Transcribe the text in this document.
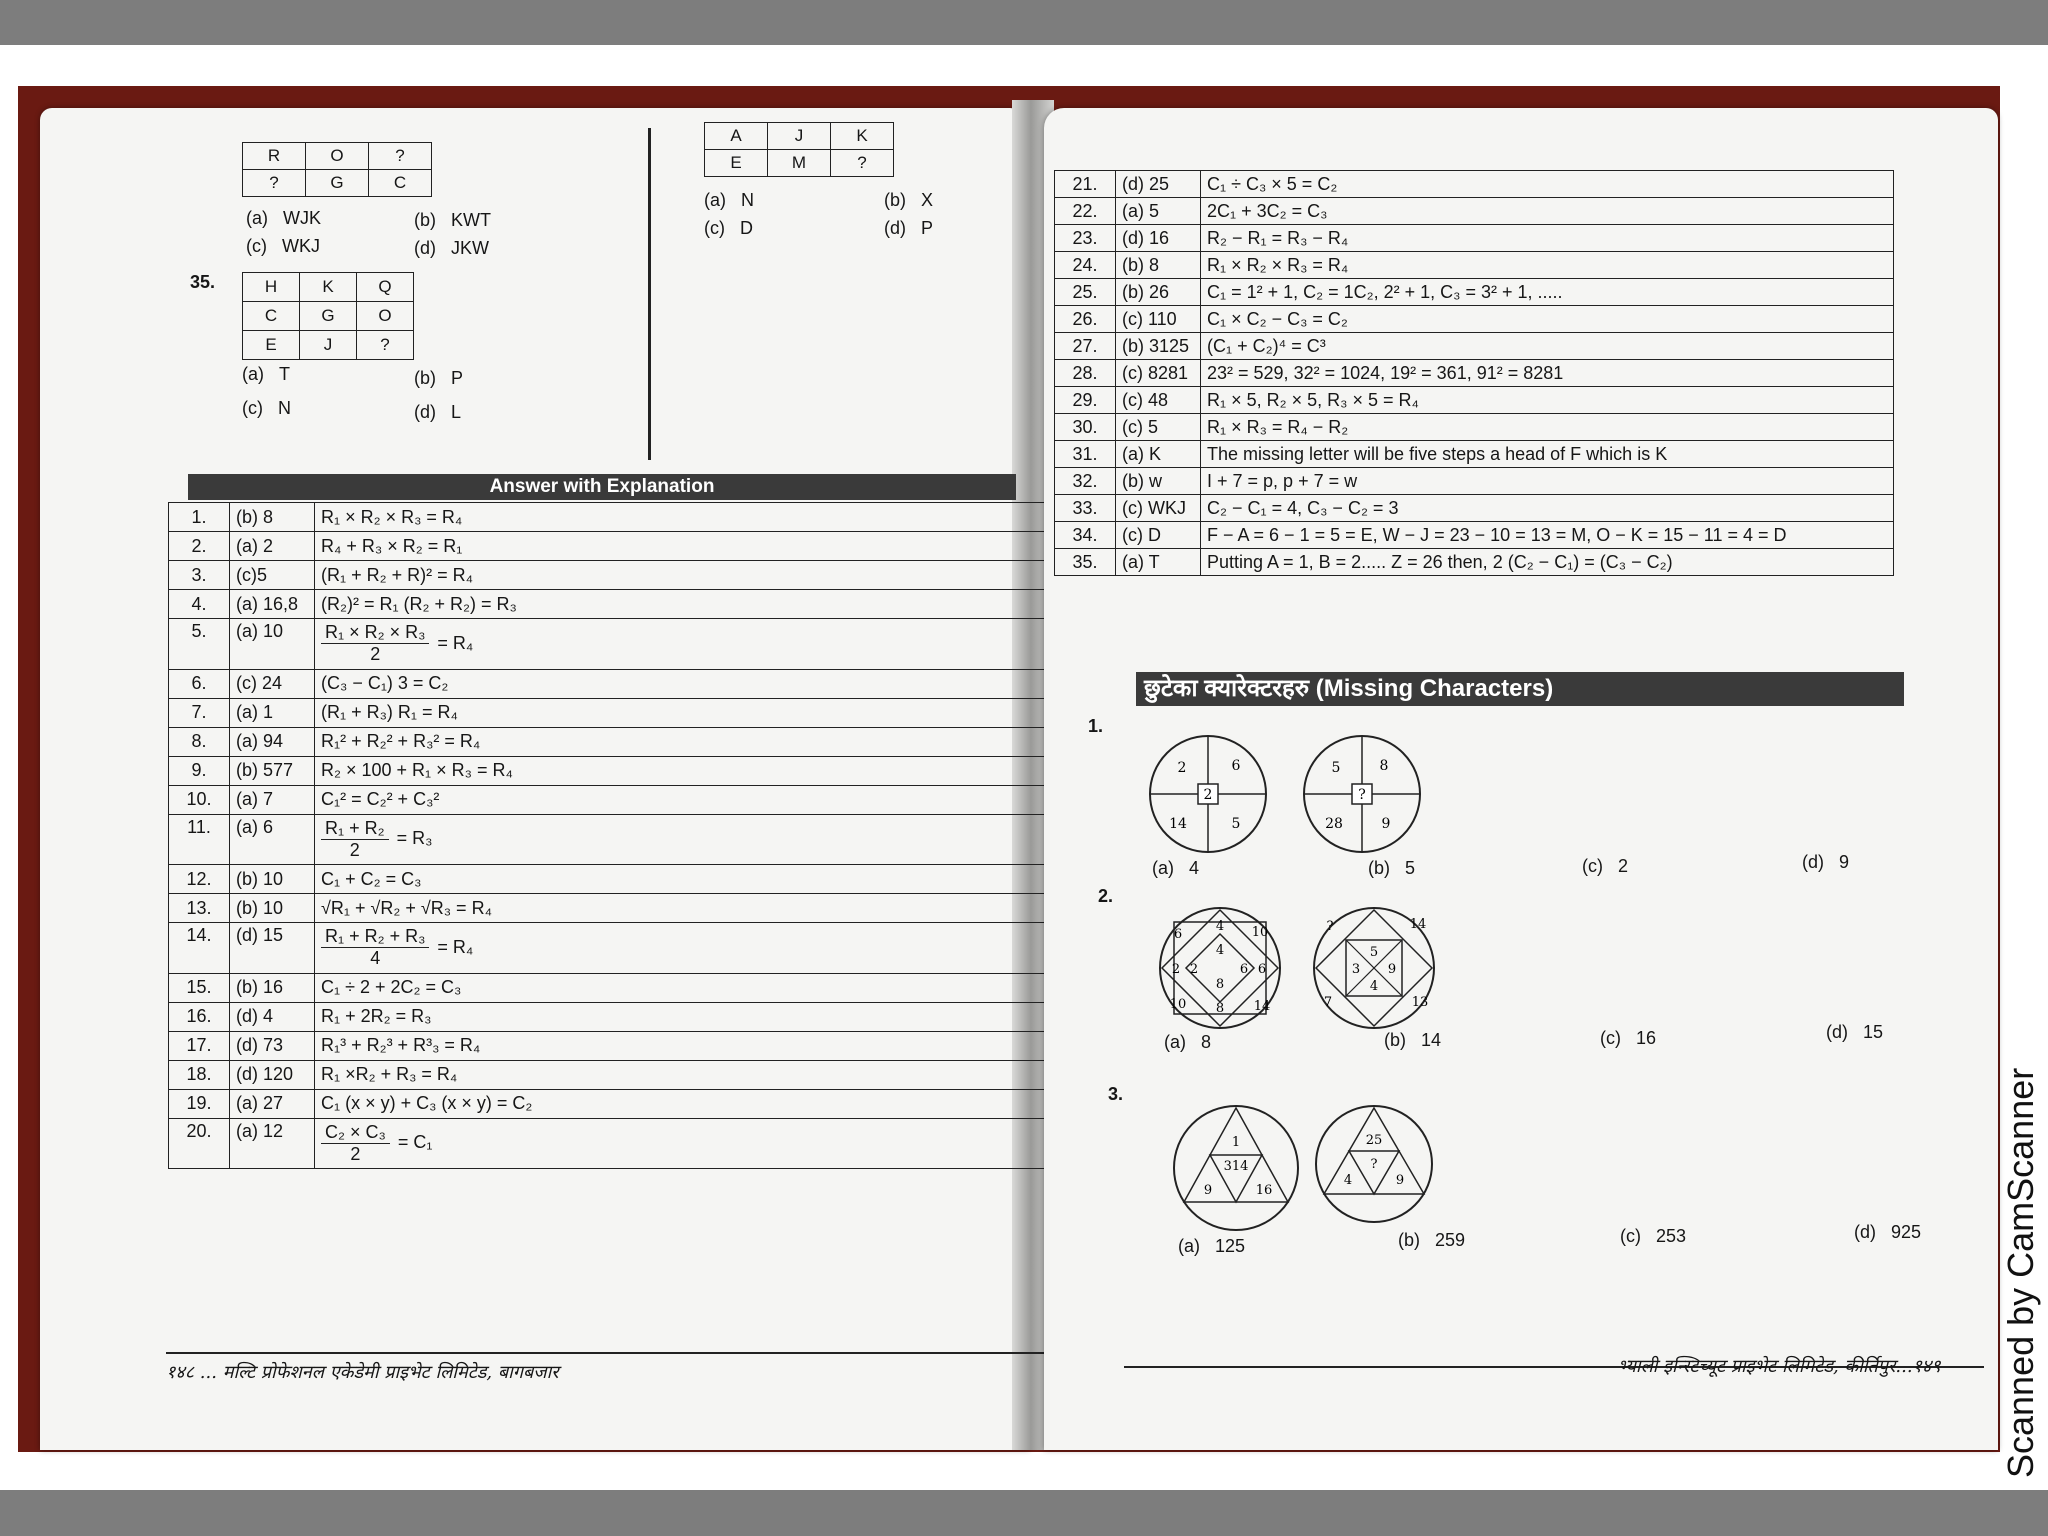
R	O	?
?	G	C
(a) WJK	(b) KWT
(c) WKJ	(d) JKW
35.	H	K	Q
C	G	O
E	J	?
(a) T	(b) P
(c) N	(d) L
A	J	K
E	M	?
(a) N	(b) X
(c) D	(d) P
Answer with Explanation
1.	(b) 8	R₁ × R₂ × R₃ = R₄
2.	(a) 2	R₄ + R₃ × R₂ = R₁
3.	(c)5	(R₁ + R₂ + R)² = R₄
4.	(a) 16,8	(R₂)² = R₁ (R₂ + R₂) = R₃
5.	(a) 10	$\frac{\text{R₁ × R₂ × R₃}}{2} = R_4$
6.	(c) 24	(C₃ − C₁) 3 = C₂
7.	(a) 1	(R₁ + R₃) R₁ = R₄
8.	(a) 94	R₁² + R₂² + R₃² = R₄
9.	(b) 577	R₂ × 100 + R₁ × R₃ = R₄
10.	(a) 7	C₁² = C₂² + C₃²
11.	(a) 6	$\frac{\text{R₁ + R₂}}{2} = R_3$
12.	(b) 10	C₁ + C₂ = C₃
13.	(b) 10	√R₁ + √R₂ + √R₃ = R₄
14.	(d) 15	$\frac{\text{R₁ + R₂ + R₃}}{4} = R_4$
15.	(b) 16	C₁ ÷ 2 + 2C₂ = C₃
16.	(d) 4	R₁ + 2R₂ = R₃
17.	(d) 73	R₁³ + R₂³ + R³₃ = R₄
18.	(d) 120	R₁ ×R₂ + R₃ = R₄
19.	(a) 27	C₁ (x × y) + C₃ (x × y) = C₂
20.	(a) 12	$\frac{\text{C₂ × C₃}}{2} = C_1$
१४८ ... मल्टि प्रोफेशनल एकेडेमी प्राइभेट लिमिटेड, बागबजार
21.	(d) 25	C₁ ÷ C₃ × 5 = C₂
22.	(a) 5	2C₁ + 3C₂ = C₃
23.	(d) 16	R₂ − R₁ = R₃ − R₄
24.	(b) 8	R₁ × R₂ × R₃ = R₄
25.	(b) 26	C₁ = 1² + 1, C₂ = 1C₂, 2² + 1, C₃ = 3² + 1, .....
26.	(c) 110	C₁ × C₂ − C₃ = C₂
27.	(b) 3125	(C₁ + C₂)⁴ = C³
28.	(c) 8281	23² = 529, 32² = 1024, 19² = 361, 91² = 8281
29.	(c) 48	R₁ × 5, R₂ × 5, R₃ × 5 = R₄
30.	(c) 5	R₁ × R₃ = R₄ − R₂
31.	(a) K	The missing letter will be five steps a head of F which is K
32.	(b) w	I + 7 = p, p + 7 = w
33.	(c) WKJ	C₂ − C₁ = 4, C₃ − C₂ = 3
34.	(c) D	F − A = 6 − 1 = 5 = E, W − J = 23 − 10 = 13 = M, O − K = 15 − 11 = 4 = D
35.	(a) T	Putting A = 1, B = 2..... Z = 26 then, 2 (C₂ − C₁) = (C₃ − C₂)
छुटेका क्यारेक्टरहरु (Missing Characters)
1.
2	6
14	5
2
5	8
28	9
?
(a) 4	(b) 5	(c) 2	(d) 9
2.
6
4 10
4
2 2	6 6
8
10 8 14
?
5
14
3 9
4
7	13
(a) 8	(b) 14	(c) 16	(d) 15
3.
1
314
9	16
25
?
4	9
(a) 125	(b) 259	(c) 253	(d) 925
भ्याली इन्स्टिच्यूट प्राइभेट लिमिटेड, कीर्तिपुर...१४९ Scanned by CamScanner
